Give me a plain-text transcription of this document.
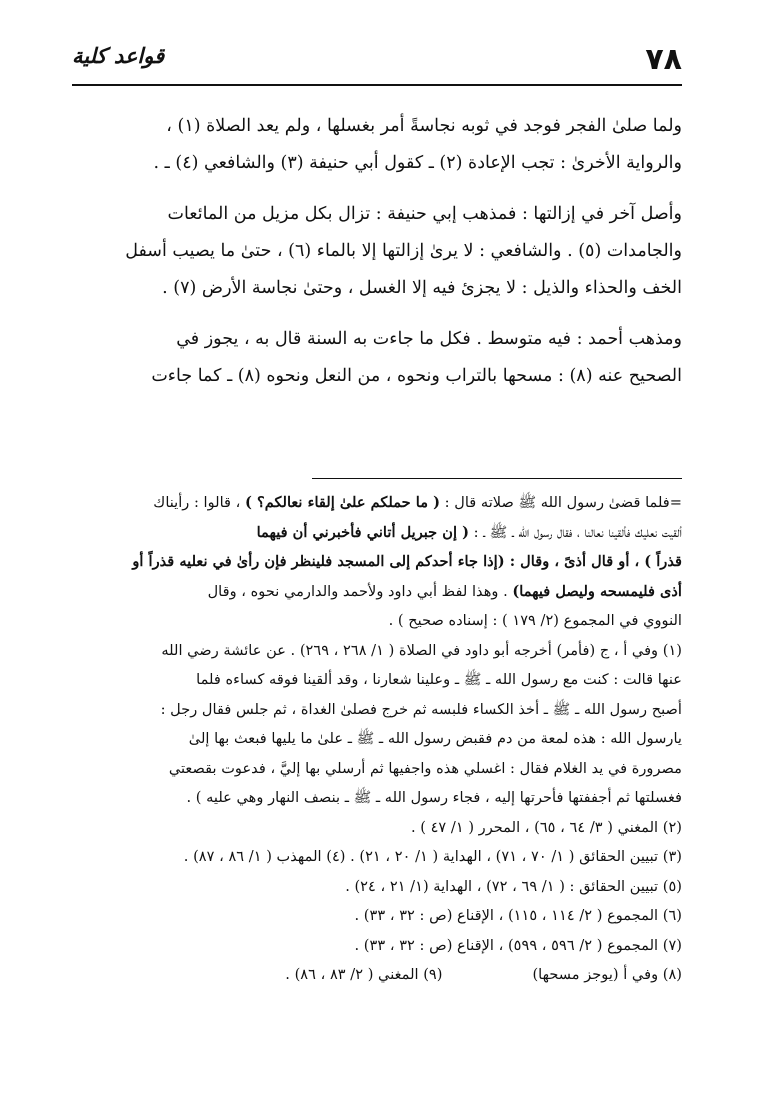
٧٨
قواعد كلية

ولما صلىٰ الفجر فوجد في ثوبه نجاسةً أمر بغسلها ، ولم يعد الصلاة (١) ،

والرواية الأخرىٰ : تجب الإعادة (٢) ـ كقول أبي حنيفة (٣) والشافعي (٤) ـ .

وأصل آخر في إزالتها : فمذهب إبي حنيفة : تزال بكل مزيل من المائعات

والجامدات (٥) . والشافعي : لا يرىٰ إزالتها إلا بالماء (٦) ، حتىٰ ما يصيب أسفل

الخف والحذاء والذيل : لا يجزئ فيه إلا الغسل ، وحتىٰ نجاسة الأرض (٧) .

ومذهب أحمد : فيه متوسط . فكل ما جاءت به السنة قال به ، يجوز في

الصحيح عنه (٨) : مسحها بالتراب ونحوه ، من النعل ونحوه (٨) ـ كما جاءت

=فلما قضىٰ رسول الله ﷺ صلاته قال : ( ما حملكم علىٰ إلقاء نعالكم؟ ) ، قالوا : رأيناك

ألقيت نعليك فألقينا نعالنا ، فقال رسول الله ـ ﷺ ـ : ( إن جبريل أتاني فأخبرني أن فيهما

قذراً ) ، أو قال أذىً ، وقال : (إذا جاء أحدكم إلى المسجد فلينظر فإن رأىٰ في نعليه قذراً أو

أذى فليمسحه وليصل فيهما) . وهذا لفظ أبي داود ولأحمد والدارمي نحوه ، وقال

النووي في المجموع (٢/ ١٧٩ ) : إسناده صحيح ) .

(١) وفي أ ، ج (فأمر) أخرجه أبو داود في الصلاة ( ١/ ٢٦٨ ، ٢٦٩) . عن عائشة رضي الله

عنها قالت : كنت مع رسول الله ـ ﷺ ـ وعلينا شعارنا ، وقد ألقينا فوقه كساءه فلما

أصبح رسول الله ـ ﷺ ـ أخذ الكساء فلبسه ثم خرج فصلىٰ الغداة ، ثم جلس فقال رجل :

يارسول الله : هذه لمعة من دم فقبض رسول الله ـ ﷺ ـ علىٰ ما يليها فبعث بها إلىٰ

مصرورة في يد الغلام فقال : اغسلي هذه واجفيها ثم أرسلي بها إليَّ ، فدعوت بقصعتي

فغسلتها ثم أجففتها فأحرتها إليه ، فجاء رسول الله ـ ﷺ ـ بنصف النهار وهي عليه ) .

(٢) المغني ( ٣/ ٦٤ ، ٦٥) ، المحرر ( ١/ ٤٧ ) .

(٣) تبيين الحقائق ( ١/ ٧٠ ، ٧١) ، الهداية ( ١/ ٢٠ ، ٢١) . (٤) المهذب ( ١/ ٨٦ ، ٨٧) .

(٥) تبيين الحقائق : ( ١/ ٦٩ ، ٧٢) ، الهداية (١/ ٢١ ، ٢٤) .

(٦) المجموع ( ٢/ ١١٤ ، ١١٥) ، الإقناع (ص : ٣٢ ، ٣٣) .

(٧) المجموع ( ٢/ ٥٩٦ ، ٥٩٩) ، الإقناع (ص : ٣٢ ، ٣٣) .

(٨) وفي أ (يوجز مسحها)
(٩) المغني ( ٢/ ٨٣ ، ٨٦) .
